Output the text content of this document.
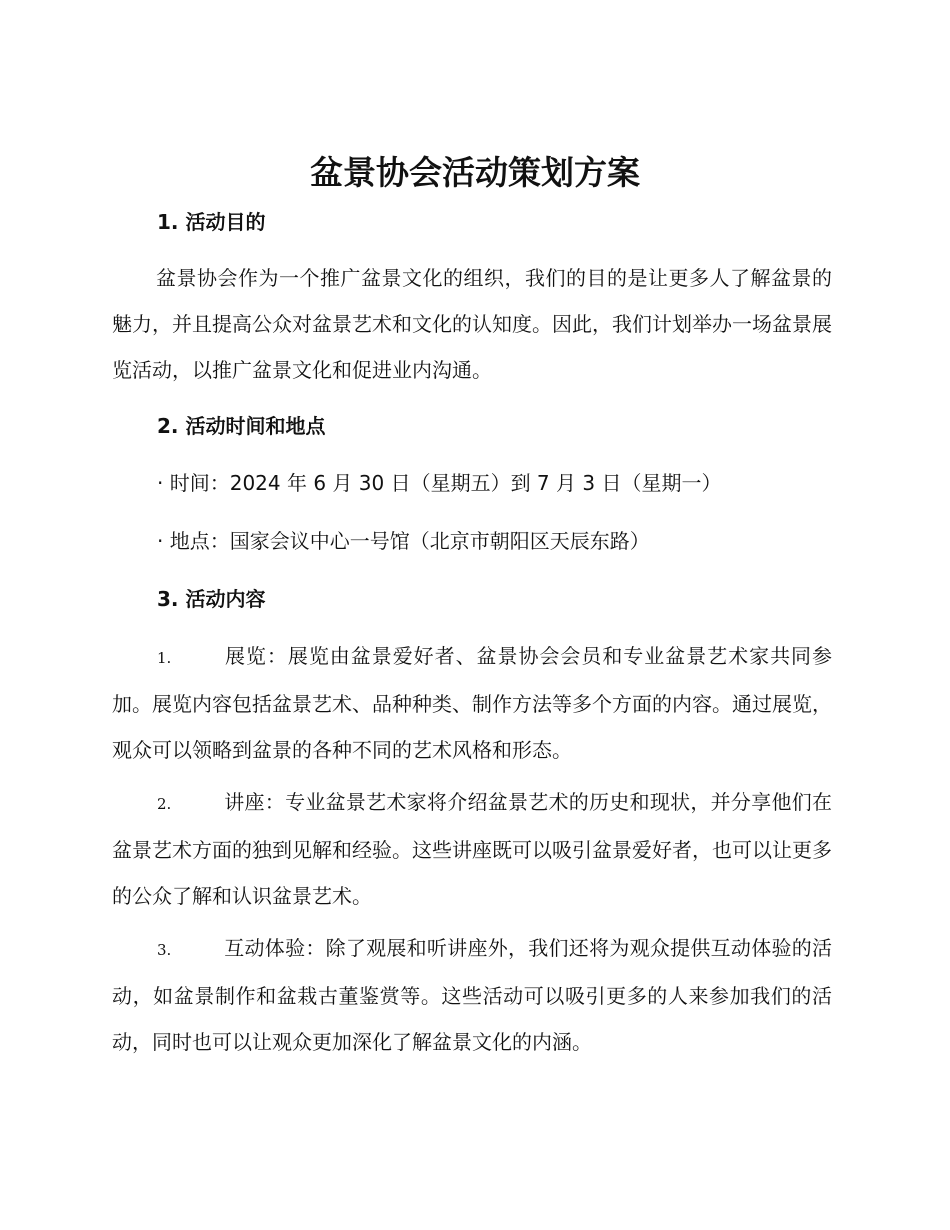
盆景协会活动策划方案
1. 活动目的

盆景协会作为一个推广盆景文化的组织，我们的目的是让更多人了解盆景的魅力，并且提高公众对盆景艺术和文化的认知度。因此，我们计划举办一场盆景展览活动，以推广盆景文化和促进业内沟通。

2. 活动时间和地点
· 时间：2024 年 6 月 30 日（星期五）到 7 月 3 日（星期一）
· 地点：国家会议中心一号馆（北京市朝阳区天辰东路）
3. 活动内容

1.	展览：展览由盆景爱好者、盆景协会会员和专业盆景艺术家共同参加。展览内容包括盆景艺术、品种种类、制作方法等多个方面的内容。通过展览，观众可以领略到盆景的各种不同的艺术风格和形态。

2.	讲座：专业盆景艺术家将介绍盆景艺术的历史和现状，并分享他们在盆景艺术方面的独到见解和经验。这些讲座既可以吸引盆景爱好者，也可以让更多的公众了解和认识盆景艺术。

3.	互动体验：除了观展和听讲座外，我们还将为观众提供互动体验的活动，如盆景制作和盆栽古董鉴赏等。这些活动可以吸引更多的人来参加我们的活动，同时也可以让观众更加深化了解盆景文化的内涵。
